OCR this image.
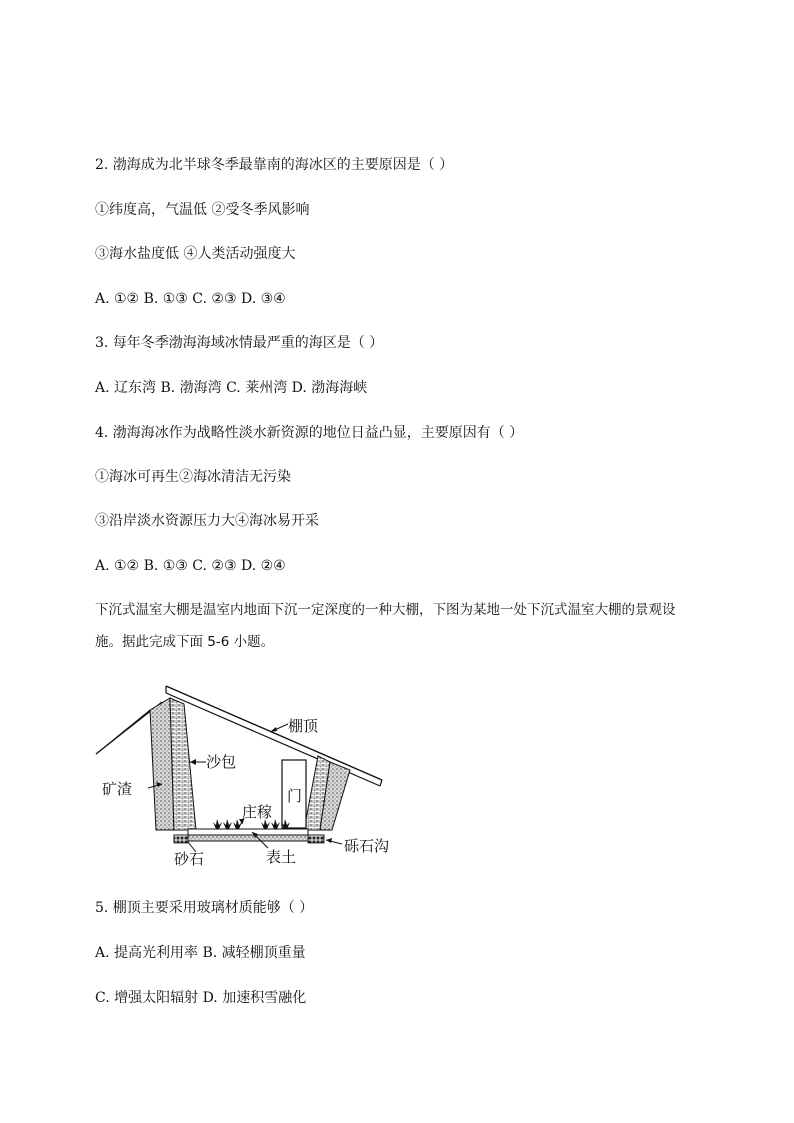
2. 渤海成为北半球冬季最靠南的海冰区的主要原因是（ ）
①纬度高，气温低 ②受冬季风影响
③海水盐度低 ④人类活动强度大
A. ①② B. ①③ C. ②③ D. ③④
3. 每年冬季渤海海域冰情最严重的海区是（ ）
A. 辽东湾 B. 渤海湾 C. 莱州湾 D. 渤海海峡
4. 渤海海冰作为战略性淡水新资源的地位日益凸显，主要原因有（ ）
①海冰可再生②海冰清洁无污染
③沿岸淡水资源压力大④海冰易开采
A. ①② B. ①③ C. ②③ D. ②④
下沉式温室大棚是温室内地面下沉一定深度的一种大棚，下图为某地一处下沉式温室大棚的景观设
施。据此完成下面 5-6 小题。
棚顶
沙包
矿渣	门
庄稼
砾石沟
砂石	表土
5. 棚顶主要采用玻璃材质能够（ ）
A. 提高光利用率 B. 减轻棚顶重量
C. 增强太阳辐射 D. 加速积雪融化
